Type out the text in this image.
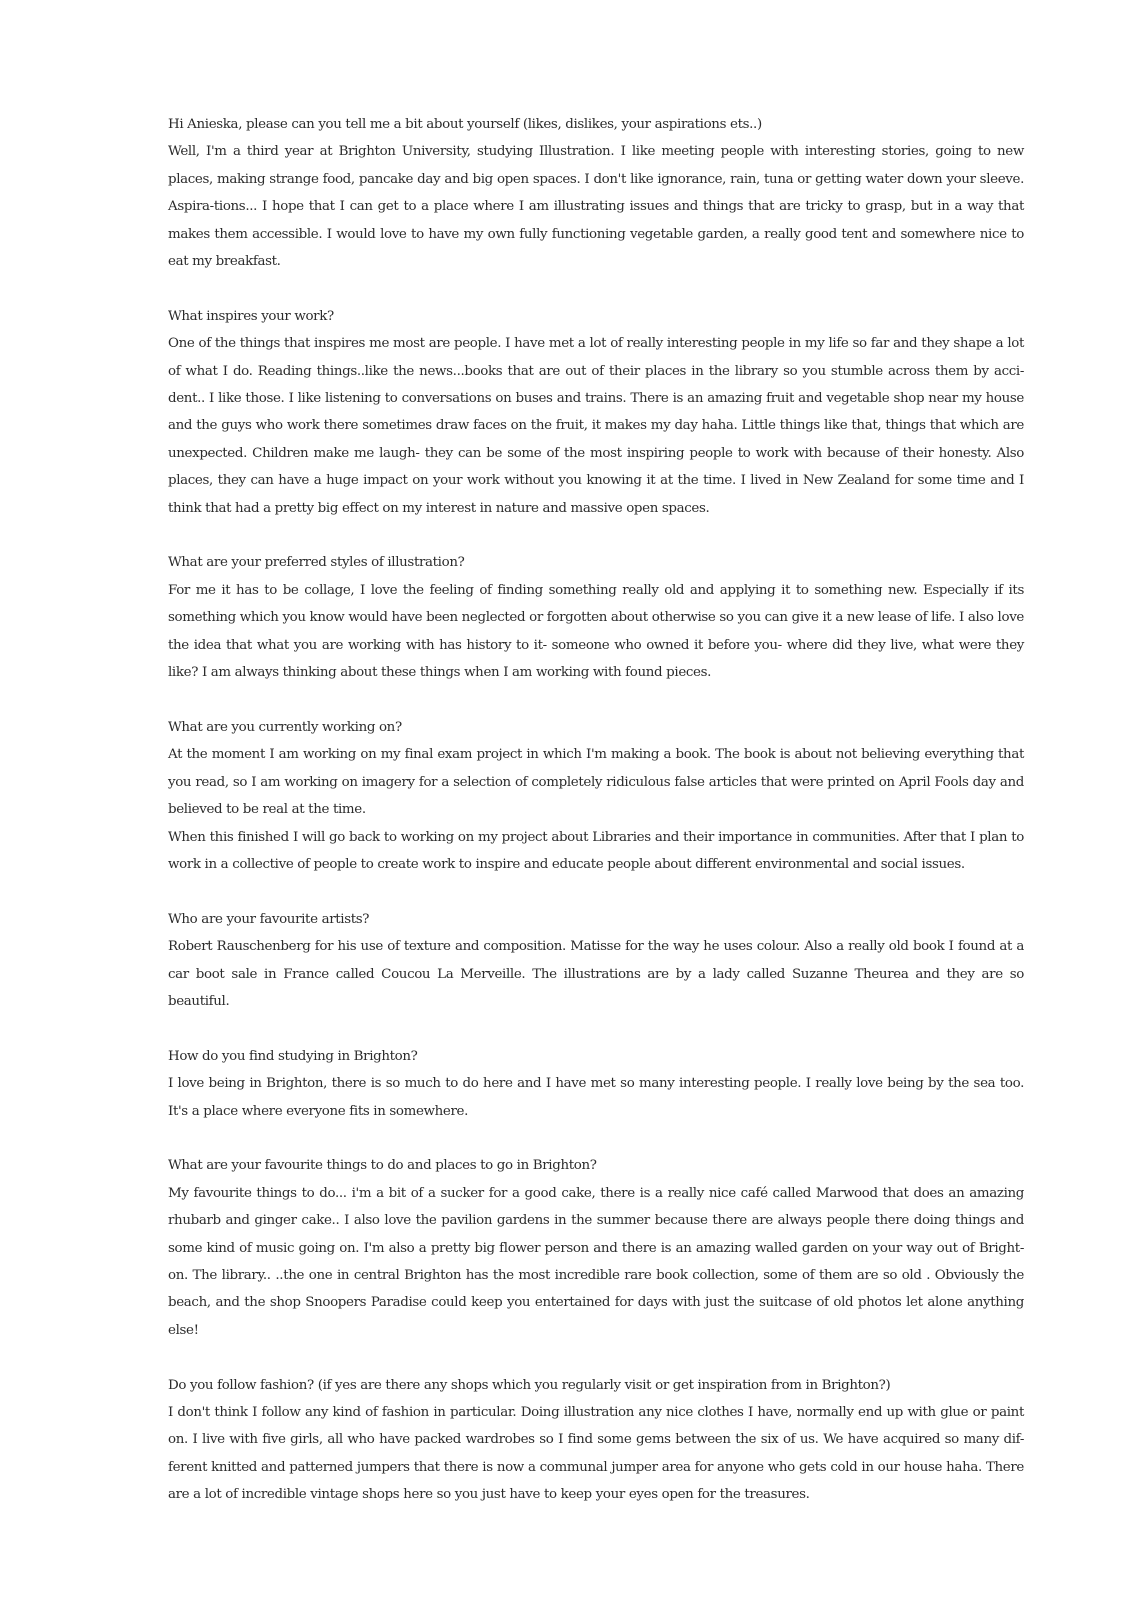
Hi Anieska, please can you tell me a bit about yourself (likes, dislikes, your aspirations ets..)

Well, I'm a third year at Brighton University, studying Illustration. I like meeting people with interesting stories, going to new places, making strange food, pancake day and big open spaces. I don't like ignorance, rain, tuna or getting water down your sleeve. Aspira-tions... I hope that I can get to a place where I am illustrating issues and things that are tricky to grasp, but in a way that makes them accessible. I would love to have my own fully functioning vegetable garden, a really good tent and somewhere nice to eat my breakfast.

What inspires your work?

One of the things that inspires me most are people. I have met a lot of really interesting people in my life so far and they shape a lot of what I do. Reading things..like the news...books that are out of their places in the library so you stumble across them by acci-dent.. I like those. I like listening to conversations on buses and trains. There is an amazing fruit and vegetable shop near my house and the guys who work there sometimes draw faces on the fruit, it makes my day haha. Little things like that, things that which are unexpected. Children make me laugh- they can be some of the most inspiring people to work with because of their honesty. Also places, they can have a huge impact on your work without you knowing it at the time. I lived in New Zealand for some time and I think that had a pretty big effect on my interest in nature and massive open spaces.

What are your preferred styles of illustration?

For me it has to be collage, I love the feeling of finding something really old and applying it to something new. Especially if its something which you know would have been neglected or forgotten about otherwise so you can give it a new lease of life. I also love the idea that what you are working with has history to it- someone who owned it before you- where did they live, what were they like? I am always thinking about these things when I am working with found pieces.

What are you currently working on?

At the moment I am working on my final exam project in which I'm making a book. The book is about not believing everything that you read, so I am working on imagery for a selection of completely ridiculous false articles that were printed on April Fools day and believed to be real at the time.

When this finished I will go back to working on my project about Libraries and their importance in communities. After that I plan to work in a collective of people to create work to inspire and educate people about different environmental and social issues.

Who are your favourite artists?

Robert Rauschenberg for his use of texture and composition. Matisse for the way he uses colour. Also a really old book I found at a car boot sale in France called Coucou La Merveille. The illustrations are by a lady called Suzanne Theurea and they are so beautiful.

How do you find studying in Brighton?

I love being in Brighton, there is so much to do here and I have met so many interesting people. I really love being by the sea too. It's a place where everyone fits in somewhere.

What are your favourite things to do and places to go in Brighton?

My favourite things to do... i'm a bit of a sucker for a good cake, there is a really nice café called Marwood that does an amazing rhubarb and ginger cake.. I also love the pavilion gardens in the summer because there are always people there doing things and some kind of music going on. I'm also a pretty big flower person and there is an amazing walled garden on your way out of Bright-on. The library.. ..the one in central Brighton has the most incredible rare book collection, some of them are so old . Obviously the beach, and the shop Snoopers Paradise could keep you entertained for days with just the suitcase of old photos let alone anything else!

Do you follow fashion? (if yes are there any shops which you regularly visit or get inspiration from in Brighton?)

I don't think I follow any kind of fashion in particular. Doing illustration any nice clothes I have, normally end up with glue or paint on. I live with five girls, all who have packed wardrobes so I find some gems between the six of us. We have acquired so many dif-ferent knitted and patterned jumpers that there is now a communal jumper area for anyone who gets cold in our house haha. There are a lot of incredible vintage shops here so you just have to keep your eyes open for the treasures.
